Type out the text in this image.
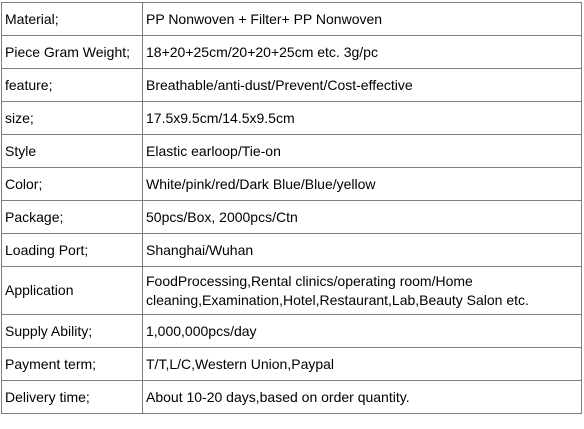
Material;	PP Nonwoven + Filter+ PP Nonwoven
Piece Gram Weight;	18+20+25cm/20+20+25cm etc. 3g/pc
feature;	Breathable/anti-dust/Prevent/Cost-effective
size;	17.5x9.5cm/14.5x9.5cm
Style	Elastic earloop/Tie-on
Color;	White/pink/red/Dark Blue/Blue/yellow
Package;	50pcs/Box, 2000pcs/Ctn
Loading Port;	Shanghai/Wuhan
Application	FoodProcessing,Rental clinics/operating room/Home cleaning,Examination,Hotel,Restaurant,Lab,Beauty Salon etc.
Supply Ability;	1,000,000pcs/day
Payment term;	T/T,L/C,Western Union,Paypal
Delivery time;	About 10-20 days,based on order quantity.
